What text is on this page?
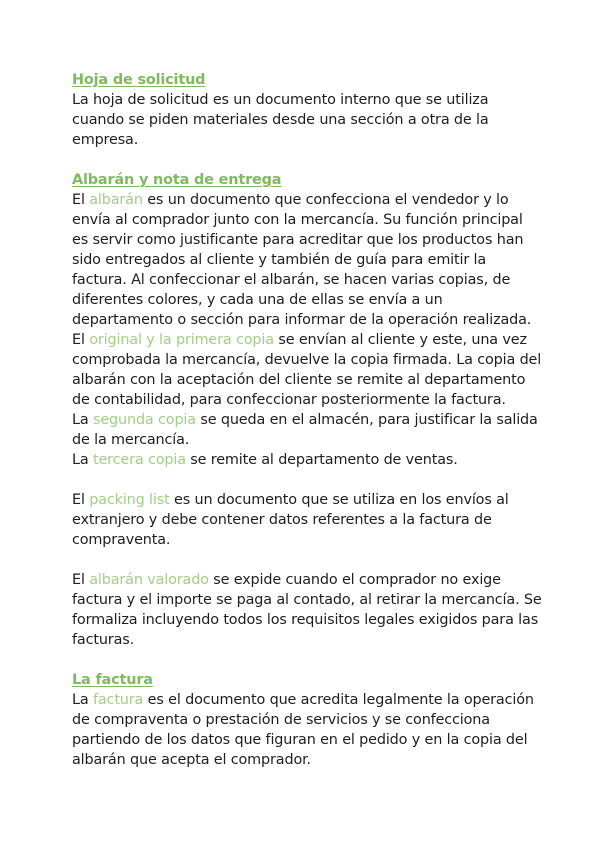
Hoja de solicitud

La hoja de solicitud es un documento interno que se utiliza cuando se piden materiales desde una sección a otra de la empresa.

Albarán y nota de entrega

El albarán es un documento que confecciona el vendedor y lo envía al comprador junto con la mercancía. Su función principal es servir como justificante para acreditar que los productos han sido entregados al cliente y también de guía para emitir la factura. Al confeccionar el albarán, se hacen varias copias, de diferentes colores, y cada una de ellas se envía a un departamento o sección para informar de la operación realizada.

El original y la primera copia se envían al cliente y este, una vez comprobada la mercancía, devuelve la copia firmada. La copia del albarán con la aceptación del cliente se remite al departamento de contabilidad, para confeccionar posteriormente la factura.

La segunda copia se queda en el almacén, para justificar la salida de la mercancía.

La tercera copia se remite al departamento de ventas.

El packing list es un documento que se utiliza en los envíos al extranjero y debe contener datos referentes a la factura de compraventa.

El albarán valorado se expide cuando el comprador no exige factura y el importe se paga al contado, al retirar la mercancía. Se formaliza incluyendo todos los requisitos legales exigidos para las facturas.

La factura

La factura es el documento que acredita legalmente la operación de compraventa o prestación de servicios y se confecciona partiendo de los datos que figuran en el pedido y en la copia del albarán que acepta el comprador.
